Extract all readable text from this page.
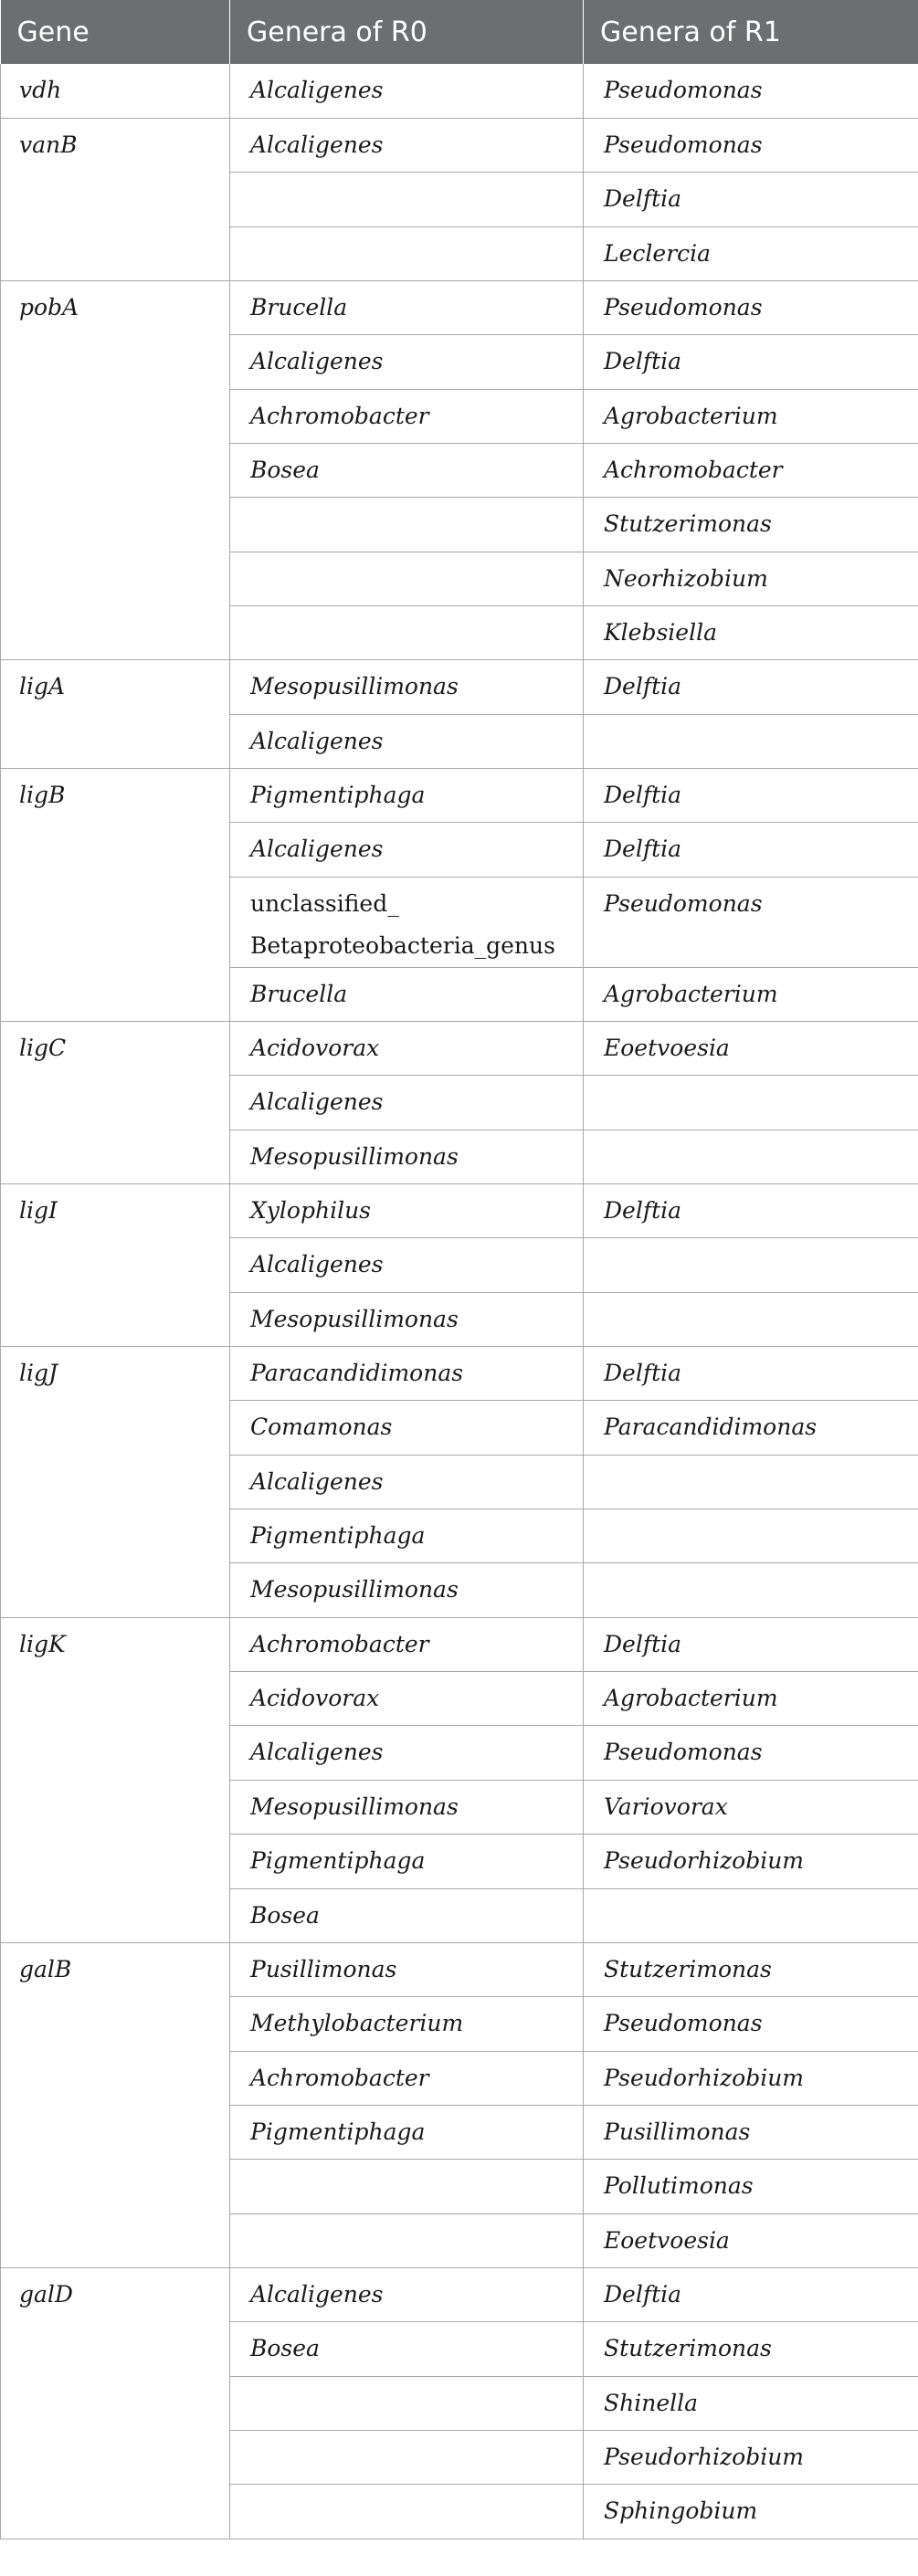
Gene	Genera of R0	Genera of R1
vdh	Alcaligenes	Pseudomonas
vanB	Alcaligenes	Pseudomonas
		Delftia
		Leclercia
pobA	Brucella	Pseudomonas
	Alcaligenes	Delftia
	Achromobacter	Agrobacterium
	Bosea	Achromobacter
		Stutzerimonas
		Neorhizobium
		Klebsiella
ligA	Mesopusillimonas	Delftia
	Alcaligenes	
ligB	Pigmentiphaga	Delftia
	Alcaligenes	Delftia
	unclassified_ Betaproteobacteria_genus	Pseudomonas
	Brucella	Agrobacterium
ligC	Acidovorax	Eoetvoesia
	Alcaligenes	
	Mesopusillimonas	
ligI	Xylophilus	Delftia
	Alcaligenes	
	Mesopusillimonas	
ligJ	Paracandidimonas	Delftia
	Comamonas	Paracandidimonas
	Alcaligenes	
	Pigmentiphaga	
	Mesopusillimonas	
ligK	Achromobacter	Delftia
	Acidovorax	Agrobacterium
	Alcaligenes	Pseudomonas
	Mesopusillimonas	Variovorax
	Pigmentiphaga	Pseudorhizobium
	Bosea	
galB	Pusillimonas	Stutzerimonas
	Methylobacterium	Pseudomonas
	Achromobacter	Pseudorhizobium
	Pigmentiphaga	Pusillimonas
		Pollutimonas
		Eoetvoesia
galD	Alcaligenes	Delftia
	Bosea	Stutzerimonas
		Shinella
		Pseudorhizobium
		Sphingobium
